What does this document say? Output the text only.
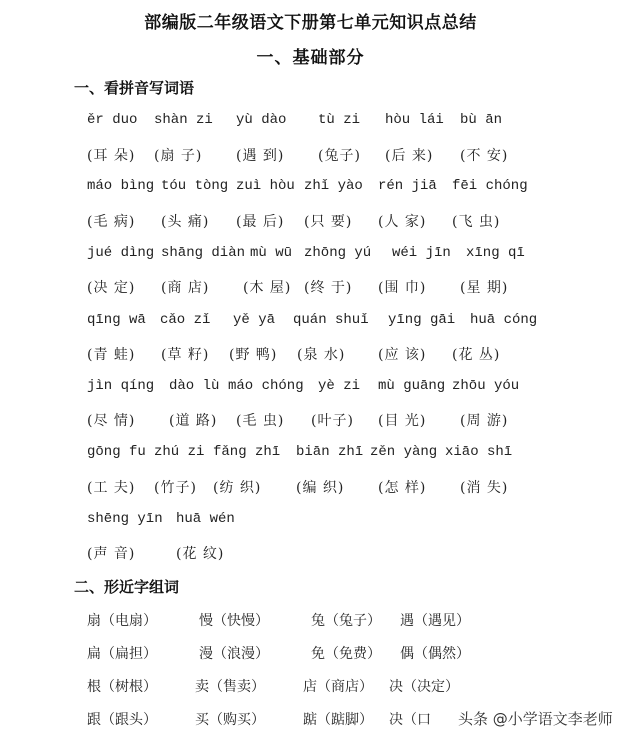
部编版二年级语文下册第七单元知识点总结
一、基础部分
一、看拼音写词语
ěr duo shàn zi yù dào tù zi hòu lái bù ān
(耳 朵) (扇 子) (遇 到) (兔子) (后 来) (不 安)
máo bìng tóu tòng zuì hòu zhǐ yào rén jiā fēi chóng
(毛 病) (头 痛) (最 后) (只 要) (人 家) (飞 虫)
jué dìng shāng diàn mù wū zhōng yú wéi jīn xīng qī
(决 定) (商 店) (木 屋) (终 于) (围 巾) (星 期)
qīng wā cǎo zǐ yě yā quán shuǐ yīng gāi huā cóng
(青 蛙) (草 籽) (野 鸭) (泉 水) (应 该) (花 丛)
jìn qíng dào lù máo chóng yè zi mù guāng zhōu yóu
(尽 情) (道 路) (毛 虫) (叶子) (目 光) (周 游)
gōng fu zhú zi fǎng zhī biān zhī zěn yàng xiāo shī
(工 夫) (竹子) (纺 织) (编 织) (怎 样) (消 失)
shēng yīn huā wén
(声 音)	(花 纹)
二、形近字组词
扇（电扇）	慢（快慢）	兔（兔子） 遇（遇见）
扁（扁担）	漫（浪漫）	免（免费） 偶（偶然）
根（树根）	卖（售卖）	店（商店） 决（决定）
跟（跟头）	买（购买）	踮（踮脚） 决（口 头条 @小学语文李老师
